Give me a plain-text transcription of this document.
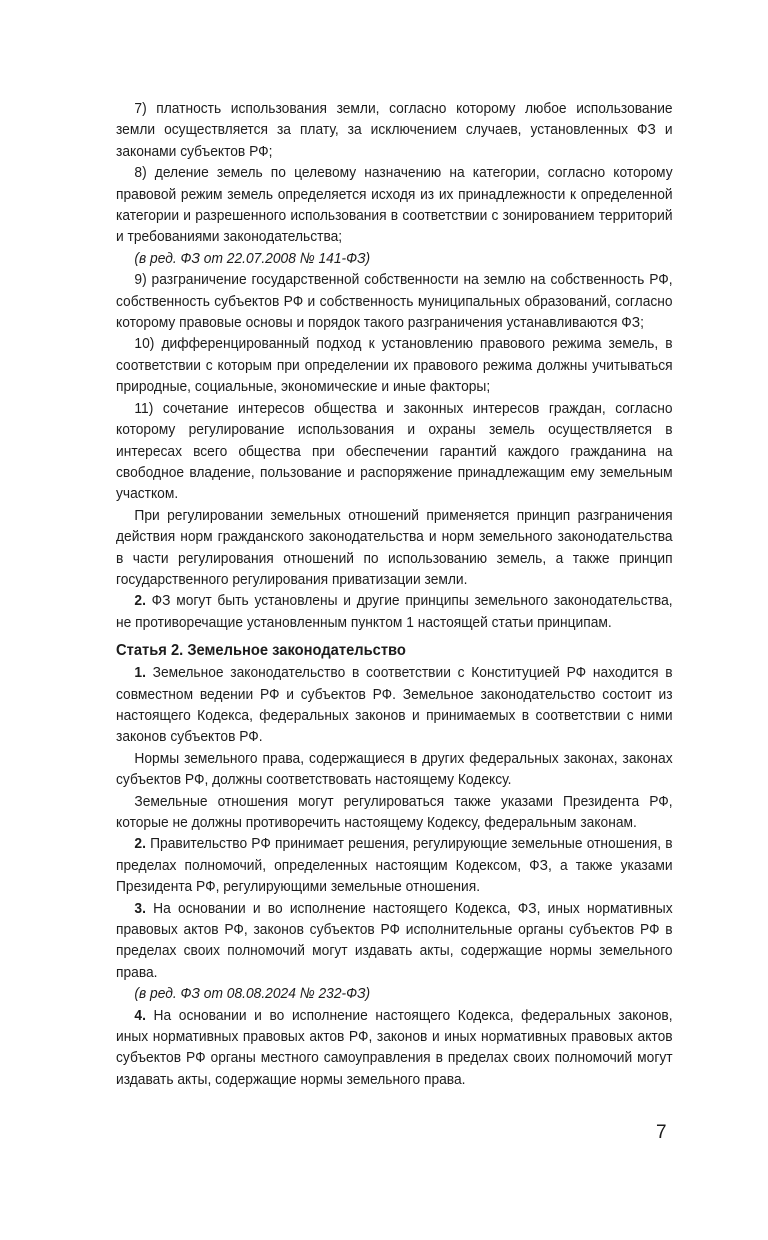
7) платность использования земли, согласно которому любое использование земли осуществляется за плату, за исключением случаев, установленных ФЗ и законами субъектов РФ;

8) деление земель по целевому назначению на категории, согласно которому правовой режим земель определяется исходя из их принадлежности к определенной категории и разрешенного использования в соответствии с зонированием территорий и требованиями законодательства;

(в ред. ФЗ от 22.07.2008 № 141-ФЗ)

9) разграничение государственной собственности на землю на собственность РФ, собственность субъектов РФ и собственность муниципальных образований, согласно которому правовые основы и порядок такого разграничения устанавливаются ФЗ;

10) дифференцированный подход к установлению правового режима земель, в соответствии с которым при определении их правового режима должны учитываться природные, социальные, экономические и иные факторы;

11) сочетание интересов общества и законных интересов граждан, согласно которому регулирование использования и охраны земель осуществляется в интересах всего общества при обеспечении гарантий каждого гражданина на свободное владение, пользование и распоряжение принадлежащим ему земельным участком.

При регулировании земельных отношений применяется принцип разграничения действия норм гражданского законодательства и норм земельного законодательства в части регулирования отношений по использованию земель, а также принцип государственного регулирования приватизации земли.

2. ФЗ могут быть установлены и другие принципы земельного законодательства, не противоречащие установленным пунктом 1 настоящей статьи принципам.

Статья 2. Земельное законодательство

1. Земельное законодательство в соответствии с Конституцией РФ находится в совместном ведении РФ и субъектов РФ. Земельное законодательство состоит из настоящего Кодекса, федеральных законов и принимаемых в соответствии с ними законов субъектов РФ.

Нормы земельного права, содержащиеся в других федеральных законах, законах субъектов РФ, должны соответствовать настоящему Кодексу.

Земельные отношения могут регулироваться также указами Президента РФ, которые не должны противоречить настоящему Кодексу, федеральным законам.

2. Правительство РФ принимает решения, регулирующие земельные отношения, в пределах полномочий, определенных настоящим Кодексом, ФЗ, а также указами Президента РФ, регулирующими земельные отношения.

3. На основании и во исполнение настоящего Кодекса, ФЗ, иных нормативных правовых актов РФ, законов субъектов РФ исполнительные органы субъектов РФ в пределах своих полномочий могут издавать акты, содержащие нормы земельного права.

(в ред. ФЗ от 08.08.2024 № 232-ФЗ)

4. На основании и во исполнение настоящего Кодекса, федеральных законов, иных нормативных правовых актов РФ, законов и иных нормативных правовых актов субъектов РФ органы местного самоуправления в пределах своих полномочий могут издавать акты, содержащие нормы земельного права.

7
